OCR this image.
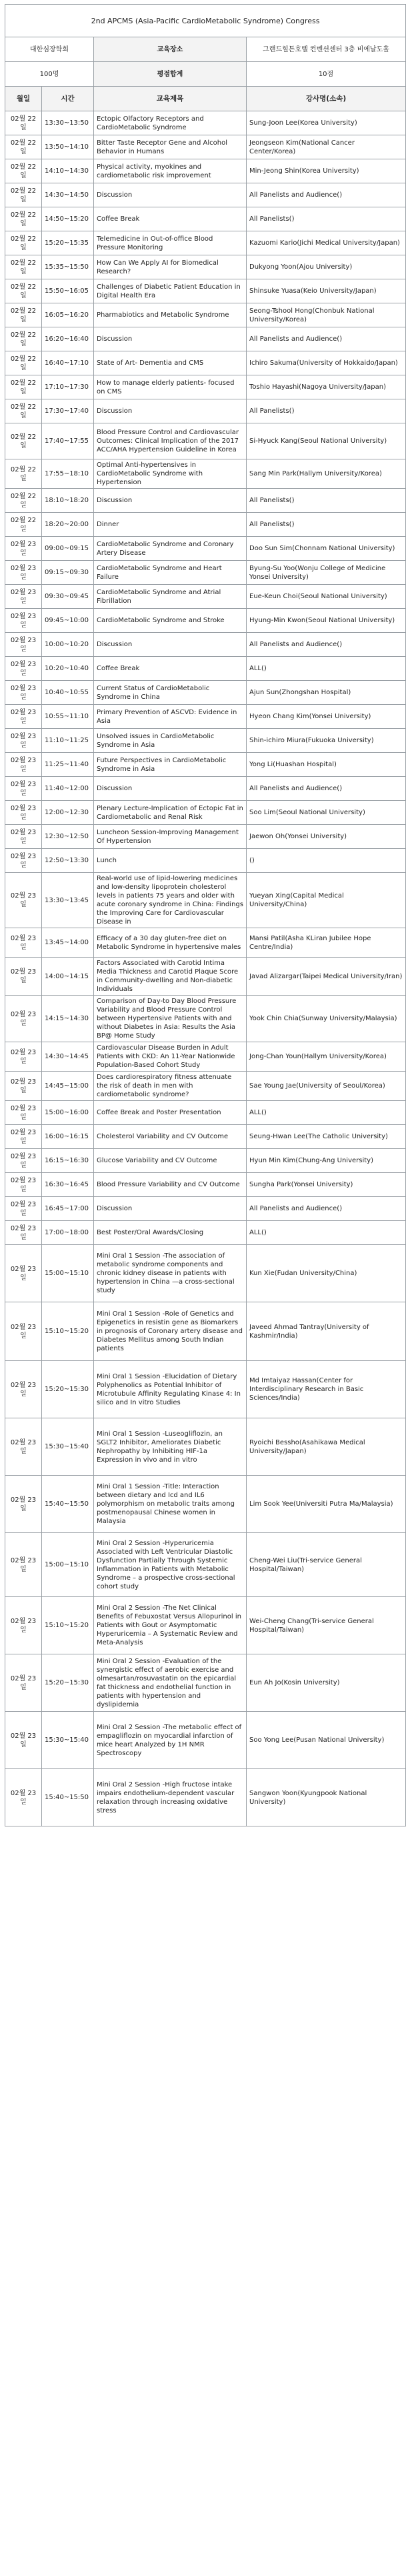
2nd APCMS (Asia-Pacific CardioMetabolic Syndrome) Congress			
대한심장학회		교육장소	그랜드힐튼호텔 컨벤션센터 3층 비에날도홀
100명		평점합계	10점
월일	시간	교육제목	강사명(소속)
02월 22일	13:30~13:50	Ectopic Olfactory Receptors and CardioMetabolic Syndrome	Sung-Joon Lee(Korea University)
02월 22일	13:50~14:10	Bitter Taste Receptor Gene and Alcohol Behavior in Humans	Jeongseon Kim(National Cancer Center/Korea)
02월 22일	14:10~14:30	Physical activity, myokines and cardiometabolic risk improvement	Min-Jeong Shin(Korea University)
02월 22일	14:30~14:50	Discussion	All Panelists and Audience()
02월 22일	14:50~15:20	Coffee Break	All Panelists()
02월 22일	15:20~15:35	Telemedicine in Out-of-office Blood Pressure Monitoring	Kazuomi Kario(Jichi Medical University/Japan)
02월 22일	15:35~15:50	How Can We Apply AI for Biomedical Research?	Dukyong Yoon(Ajou University)
02월 22일	15:50~16:05	Challenges of Diabetic Patient Education in Digital Health Era	Shinsuke Yuasa(Keio University/Japan)
02월 22일	16:05~16:20	Pharmabiotics and Metabolic Syndrome	Seong-Tshool Hong(Chonbuk National University/Korea)
02월 22일	16:20~16:40	Discussion	All Panelists and Audience()
02월 22일	16:40~17:10	State of Art- Dementia and CMS	Ichiro Sakuma(University of Hokkaido/Japan)
02월 22일	17:10~17:30	How to manage elderly patients- focused on CMS	Toshio Hayashi(Nagoya University/Japan)
02월 22일	17:30~17:40	Discussion	All Panelists()
02월 22일	17:40~17:55	Blood Pressure Control and Cardiovascular Outcomes: Clinical Implication of the 2017 ACC/AHA Hypertension Guideline in Korea	Si-Hyuck Kang(Seoul National University)
02월 22일	17:55~18:10	Optimal Anti-hypertensives in CardioMetabolic Syndrome with Hypertension	Sang Min Park(Hallym University/Korea)
02월 22일	18:10~18:20	Discussion	All Panelists()
02월 22일	18:20~20:00	Dinner	All Panelists()
02월 23일	09:00~09:15	CardioMetabolic Syndrome and Coronary Artery Disease	Doo Sun Sim(Chonnam National University)
02월 23일	09:15~09:30	CardioMetabolic Syndrome and Heart Failure	Byung-Su Yoo(Wonju College of Medicine Yonsei University)
02월 23일	09:30~09:45	CardioMetabolic Syndrome and Atrial Fibrillation	Eue-Keun Choi(Seoul National University)
02월 23일	09:45~10:00	CardioMetabolic Syndrome and Stroke	Hyung-Min Kwon(Seoul National University)
02월 23일	10:00~10:20	Discussion	All Panelists and Audience()
02월 23일	10:20~10:40	Coffee Break	ALL()
02월 23일	10:40~10:55	Current Status of CardioMetabolic Syndrome in China	Ajun Sun(Zhongshan Hospital)
02월 23일	10:55~11:10	Primary Prevention of ASCVD: Evidence in Asia	Hyeon Chang Kim(Yonsei University)
02월 23일	11:10~11:25	Unsolved issues in CardioMetabolic Syndrome in Asia	Shin-ichiro Miura(Fukuoka University)
02월 23일	11:25~11:40	Future Perspectives in CardioMetabolic Syndrome in Asia	Yong Li(Huashan Hospital)
02월 23일	11:40~12:00	Discussion	All Panelists and Audience()
02월 23일	12:00~12:30	Plenary Lecture-Implication of Ectopic Fat in Cardiometabolic and Renal Risk	Soo Lim(Seoul National University)
02월 23일	12:30~12:50	Luncheon Session-Improving Management Of Hypertension	Jaewon Oh(Yonsei University)
02월 23일	12:50~13:30	Lunch	()
02월 23일	13:30~13:45	Real-world use of lipid-lowering medicines and low-density lipoprotein cholesterol levels in patients 75 years and older with acute coronary syndrome in China: Findings the Improving Care for Cardiovascular Disease in	Yueyan Xing(Capital Medical University/China)
02월 23일	13:45~14:00	Efficacy of a 30 day gluten-free diet on Metabolic Syndrome in hypertensive males	Mansi Patil(Asha KLiran Jubilee Hope Centre/India)
02월 23일	14:00~14:15	Factors Associated with Carotid Intima Media Thickness and Carotid Plaque Score in Community-dwelling and Non-diabetic Individuals	Javad Alizargar(Taipei Medical University/Iran)
02월 23일	14:15~14:30	Comparison of Day-to Day Blood Pressure Variability and Blood Pressure Control between Hypertensive Patients with and without Diabetes in Asia: Results the Asia BP@ Home Study	Yook Chin Chia(Sunway University/Malaysia)
02월 23일	14:30~14:45	Cardiovascular Disease Burden in Adult Patients with CKD: An 11-Year Nationwide Population-Based Cohort Study	Jong-Chan Youn(Hallym University/Korea)
02월 23일	14:45~15:00	Does cardiorespiratory fitness attenuate the risk of death in men with cardiometabolic syndrome?	Sae Young Jae(University of Seoul/Korea)
02월 23일	15:00~16:00	Coffee Break and Poster Presentation	ALL()
02월 23일	16:00~16:15	Cholesterol Variability and CV Outcome	Seung-Hwan Lee(The Catholic University)
02월 23일	16:15~16:30	Glucose Variability and CV Outcome	Hyun Min Kim(Chung-Ang University)
02월 23일	16:30~16:45	Blood Pressure Variability and CV Outcome	Sungha Park(Yonsei University)
02월 23일	16:45~17:00	Discussion	All Panelists and Audience()
02월 23일	17:00~18:00	Best Poster/Oral Awards/Closing	ALL()
02월 23일	15:00~15:10	Mini Oral 1 Session -The association of metabolic syndrome components and chronic kidney disease in patients with hypertension in China —a cross-sectional study	Kun Xie(Fudan University/China)
02월 23일	15:10~15:20	Mini Oral 1 Session -Role of Genetics and Epigenetics in resistin gene as Biomarkers in prognosis of Coronary artery disease and Diabetes Mellitus among South Indian patients	Javeed Ahmad Tantray(University of Kashmir/India)
02월 23일	15:20~15:30	Mini Oral 1 Session -Elucidation of Dietary Polyphenolics as Potential Inhibitor of Microtubule Affinity Regulating Kinase 4: In silico and In vitro Studies	Md Imtaiyaz Hassan(Center for Interdisciplinary Research in Basic Sciences/India)
02월 23일	15:30~15:40	Mini Oral 1 Session -Luseogliflozin, an SGLT2 Inhibitor, Ameliorates Diabetic Nephropathy by Inhibiting HIF-1a Expression in vivo and in vitro	Ryoichi Bessho(Asahikawa Medical University/Japan)
02월 23일	15:40~15:50	Mini Oral 1 Session -Title: Interaction between dietary and Icd and IL6 polymorphism on metabolic traits among postmenopausal Chinese women in Malaysia	Lim Sook Yee(Universiti Putra Ma/Malaysia)
02월 23일	15:00~15:10	Mini Oral 2 Session -Hyperuricemia Associated with Left Ventricular Diastolic Dysfunction Partially Through Systemic Inflammation in Patients with Metabolic Syndrome – a prospective cross-sectional cohort study	Cheng-Wei Liu(Tri-service General Hospital/Taiwan)
02월 23일	15:10~15:20	Mini Oral 2 Session -The Net Clinical Benefits of Febuxostat Versus Allopurinol in Patients with Gout or Asymptomatic Hyperuricemia – A Systematic Review and Meta-Analysis	Wei-Cheng Chang(Tri-service General Hospital/Taiwan)
02월 23일	15:20~15:30	Mini Oral 2 Session -Evaluation of the synergistic effect of aerobic exercise and olmesartan/rosuvastatin on the epicardial fat thickness and endothelial function in patients with hypertension and dyslipidemia	Eun Ah Jo(Kosin University)
02월 23일	15:30~15:40	Mini Oral 2 Session -The metabolic effect of empagliflozin on myocardial infarction of mice heart Analyzed by 1H NMR Spectroscopy	Soo Yong Lee(Pusan National University)
02월 23일	15:40~15:50	Mini Oral 2 Session -High fructose intake impairs endothelium-dependent vascular relaxation through increasing oxidative stress	Sangwon Yoon(Kyungpook National University)
